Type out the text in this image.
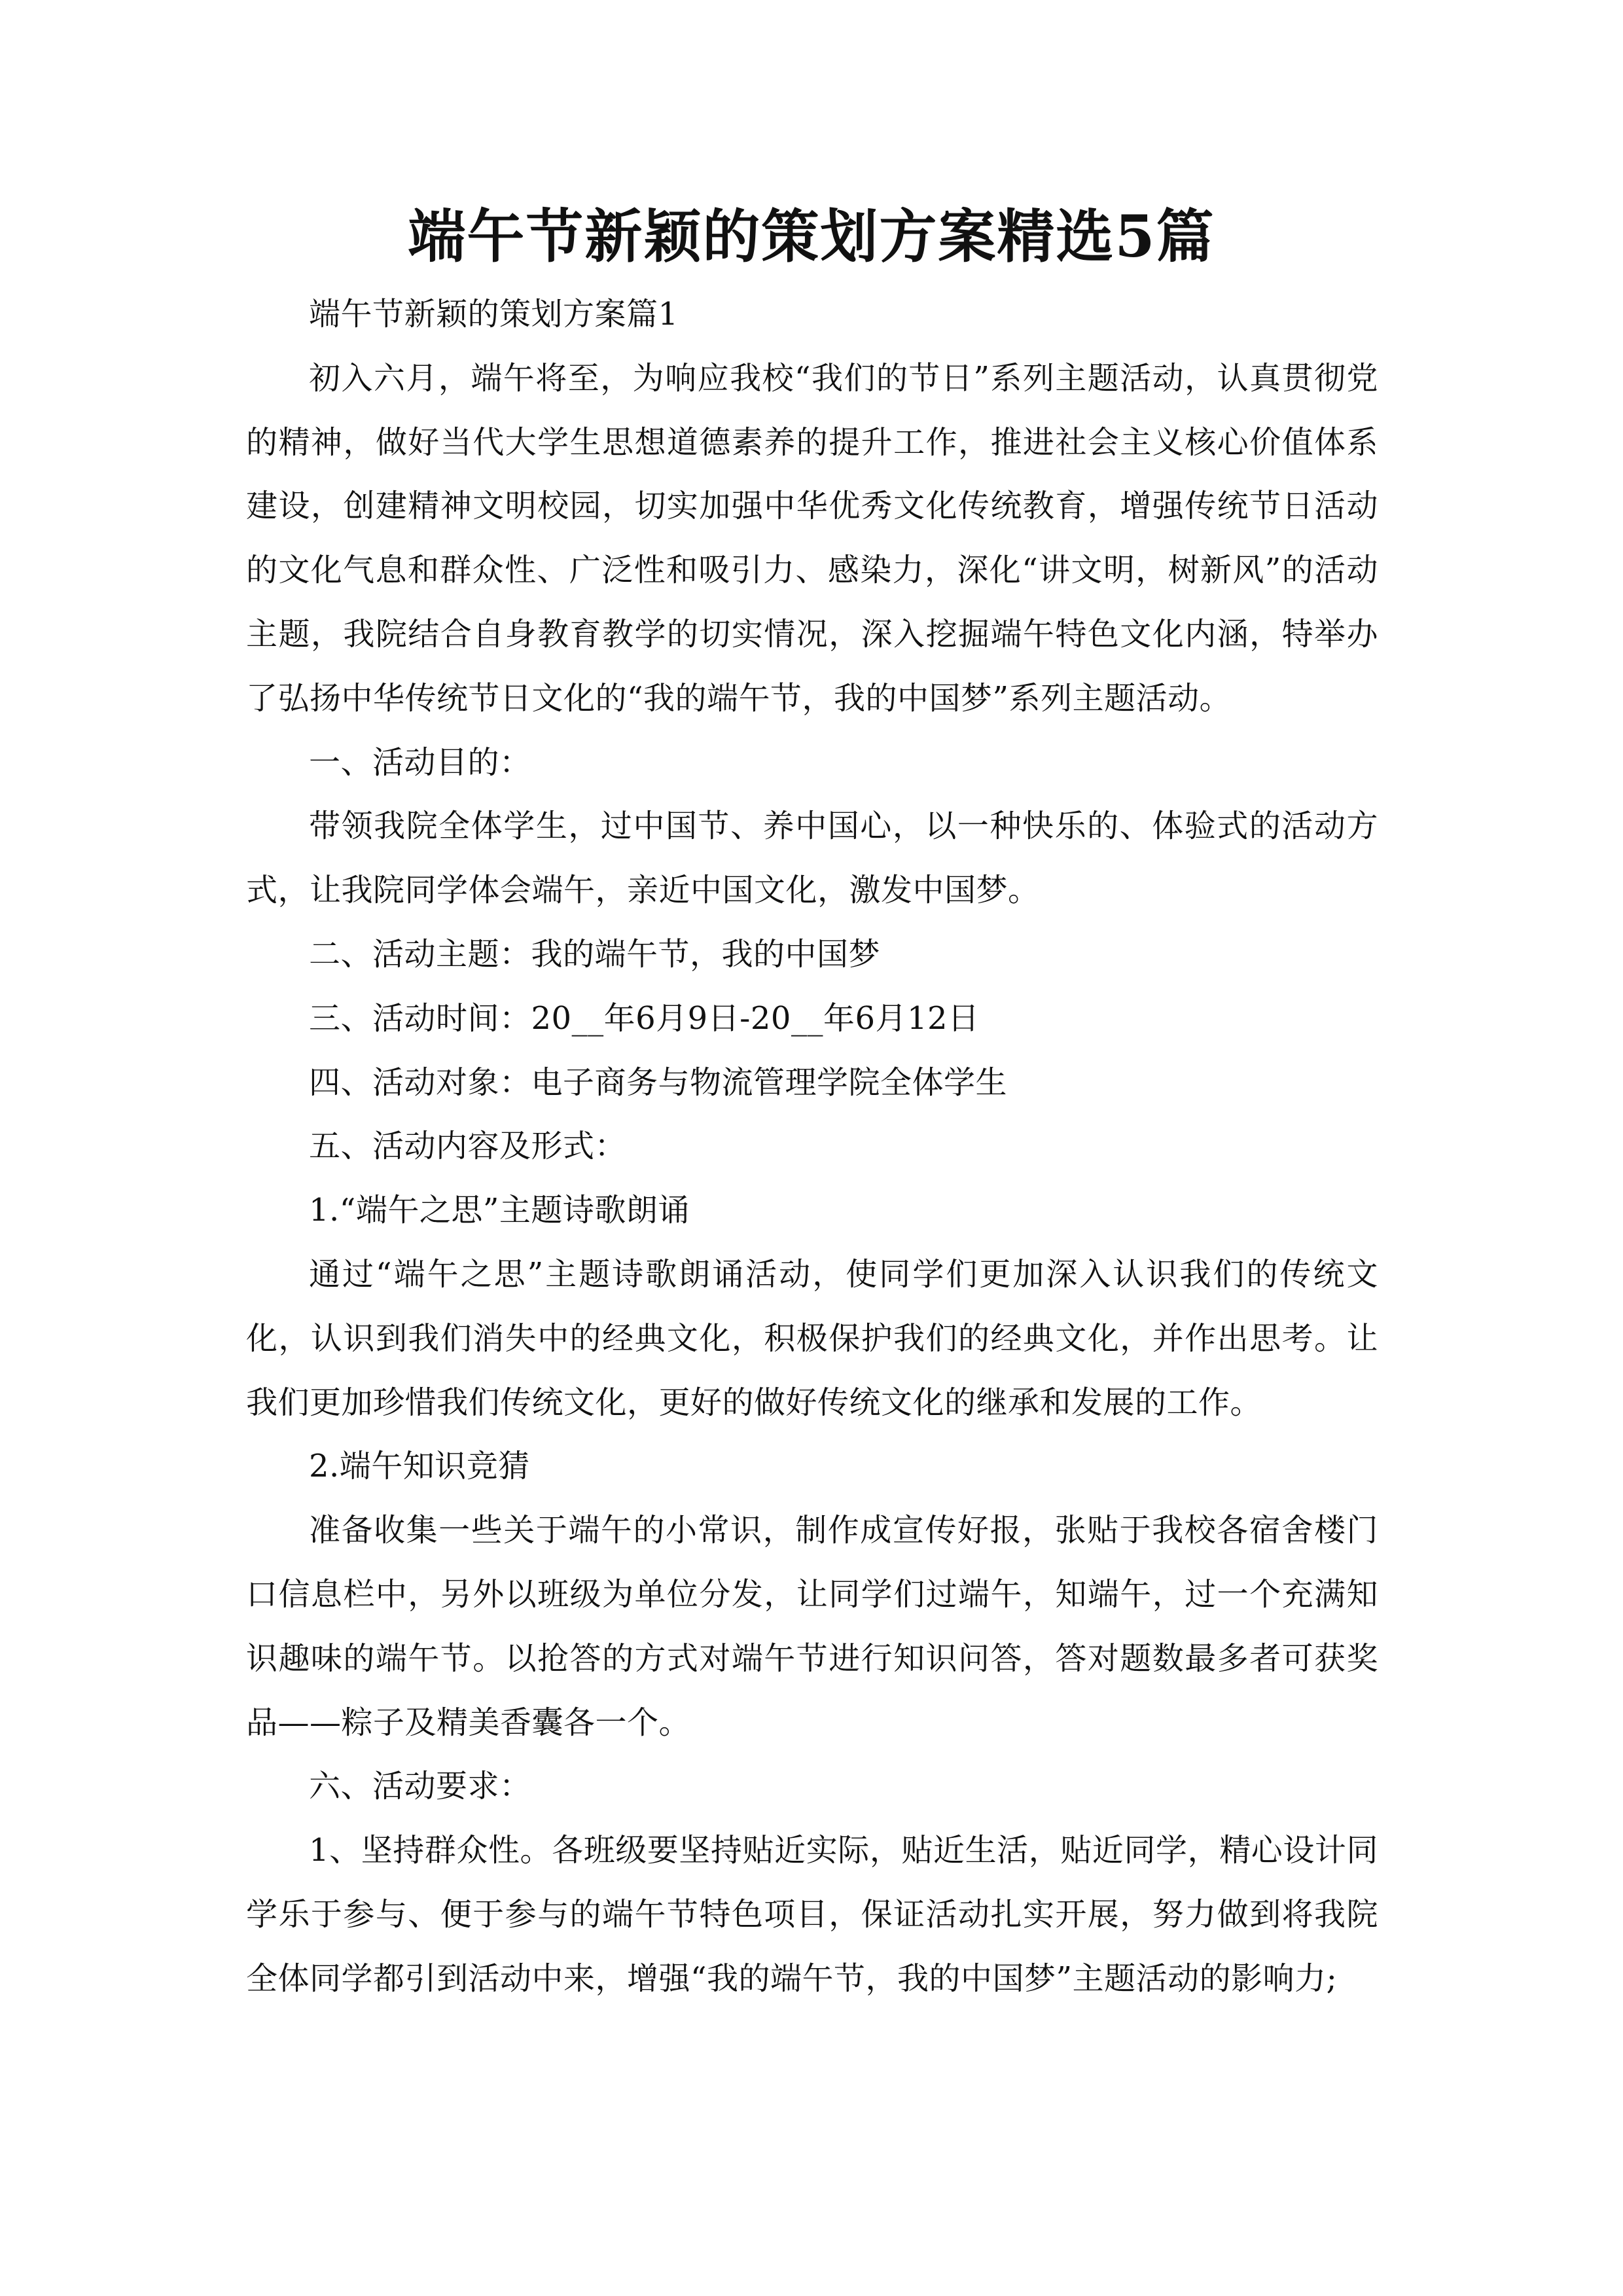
端午节新颖的策划方案精选5篇

端午节新颖的策划方案篇1

初入六月，端午将至，为响应我校“我们的节日”系列主题活动，认真贯彻党的精神，做好当代大学生思想道德素养的提升工作，推进社会主义核心价值体系建设，创建精神文明校园，切实加强中华优秀文化传统教育，增强传统节日活动的文化气息和群众性、广泛性和吸引力、感染力，深化“讲文明，树新风”的活动主题，我院结合自身教育教学的切实情况，深入挖掘端午特色文化内涵，特举办了弘扬中华传统节日文化的“我的端午节，我的中国梦”系列主题活动。

一、活动目的：

带领我院全体学生，过中国节、养中国心，以一种快乐的、体验式的活动方式，让我院同学体会端午，亲近中国文化，激发中国梦。

二、活动主题：我的端午节，我的中国梦

三、活动时间：20__年6月9日-20__年6月12日

四、活动对象：电子商务与物流管理学院全体学生

五、活动内容及形式：

1.“端午之思”主题诗歌朗诵

通过“端午之思”主题诗歌朗诵活动，使同学们更加深入认识我们的传统文化，认识到我们消失中的经典文化，积极保护我们的经典文化，并作出思考。让我们更加珍惜我们传统文化，更好的做好传统文化的继承和发展的工作。

2.端午知识竞猜

准备收集一些关于端午的小常识，制作成宣传好报，张贴于我校各宿舍楼门口信息栏中，另外以班级为单位分发，让同学们过端午，知端午，过一个充满知识趣味的端午节。以抢答的方式对端午节进行知识问答，答对题数最多者可获奖品——粽子及精美香囊各一个。

六、活动要求：

1、坚持群众性。各班级要坚持贴近实际，贴近生活，贴近同学，精心设计同学乐于参与、便于参与的端午节特色项目，保证活动扎实开展，努力做到将我院全体同学都引到活动中来，增强“我的端午节，我的中国梦”主题活动的影响力;
